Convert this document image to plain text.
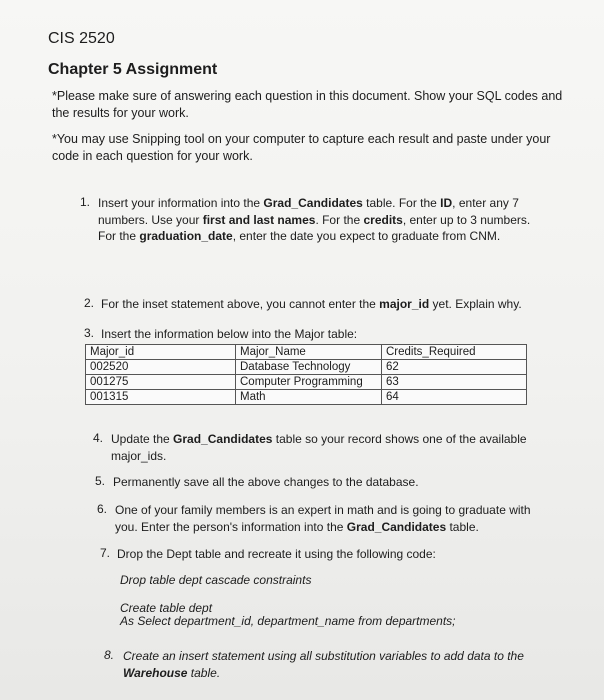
CIS 2520
Chapter 5 Assignment
*Please make sure of answering each question in this document. Show your SQL codes and the results for your work.
*You may use Snipping tool on your computer to capture each result and paste under your code in each question for your work.
1. Insert your information into the Grad_Candidates table. For the ID, enter any 7 numbers. Use your first and last names. For the credits, enter up to 3 numbers. For the graduation_date, enter the date you expect to graduate from CNM.
2. For the inset statement above, you cannot enter the major_id yet. Explain why.
3. Insert the information below into the Major table:
Major_id	Major_Name	Credits_Required
002520	Database Technology	62
001275	Computer Programming	63
001315	Math	64
4. Update the Grad_Candidates table so your record shows one of the available major_ids.
5. Permanently save all the above changes to the database.
6. One of your family members is an expert in math and is going to graduate with you. Enter the person's information into the Grad_Candidates table.
7. Drop the Dept table and recreate it using the following code:
Drop table dept cascade constraints
Create table dept
As Select department_id, department_name from departments;
8. Create an insert statement using all substitution variables to add data to the Warehouse table.
